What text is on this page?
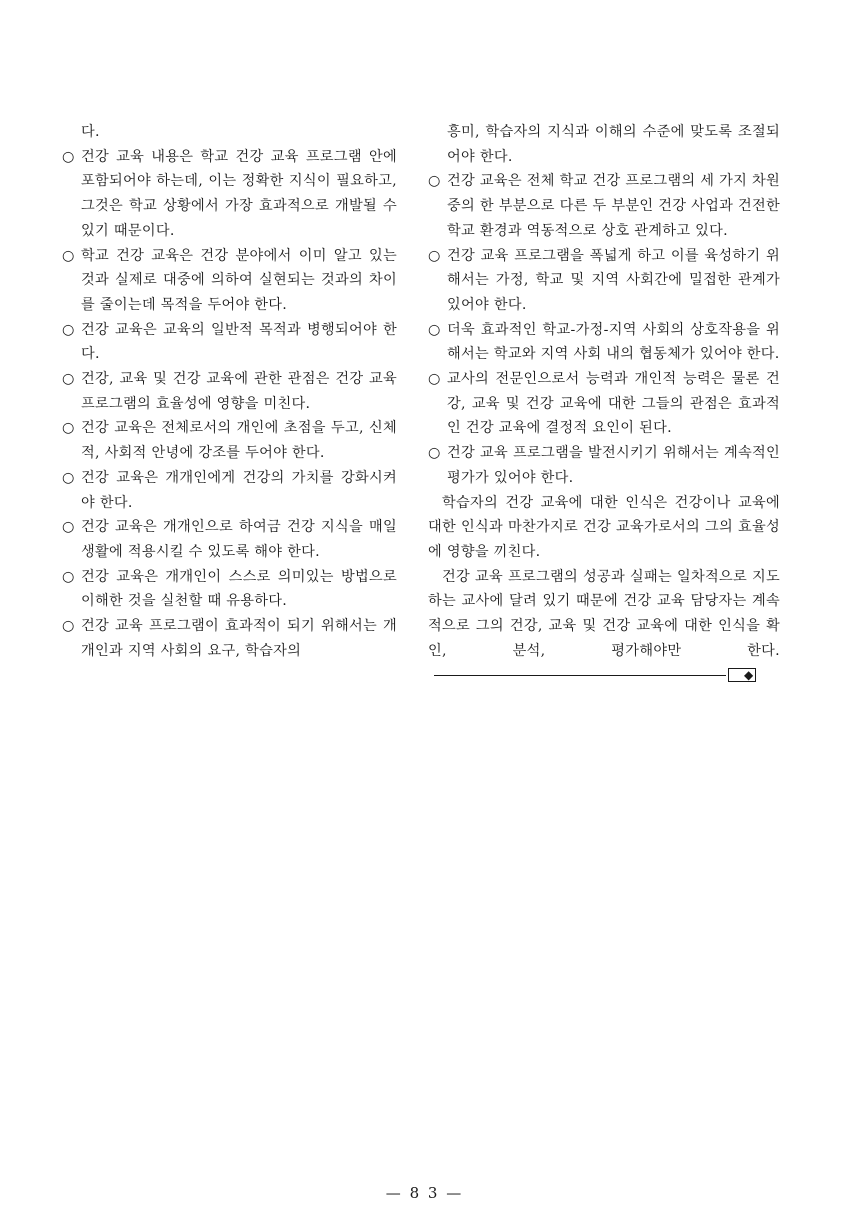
다.

○ 건강 교육 내용은 학교 건강 교육 프로그램 안에 포함되어야 하는데, 이는 정확한 지식이 필요하고, 그것은 학교 상황에서 가장 효과적으로 개발될 수 있기 때문이다.
○ 학교 건강 교육은 건강 분야에서 이미 알고 있는 것과 실제로 대중에 의하여 실현되는 것과의 차이를 줄이는데 목적을 두어야 한다.
○ 건강 교육은 교육의 일반적 목적과 병행되어야 한다.
○ 건강, 교육 및 건강 교육에 관한 관점은 건강 교육 프로그램의 효율성에 영향을 미친다.
○ 건강 교육은 전체로서의 개인에 초점을 두고, 신체적, 사회적 안녕에 강조를 두어야 한다.
○ 건강 교육은 개개인에게 건강의 가치를 강화시켜야 한다.
○ 건강 교육은 개개인으로 하여금 건강 지식을 매일 생활에 적용시킬 수 있도록 해야 한다.
○ 건강 교육은 개개인이 스스로 의미있는 방법으로 이해한 것을 실천할 때 유용하다.
○ 건강 교육 프로그램이 효과적이 되기 위해서는 개개인과 지역 사회의 요구, 학습자의

흥미, 학습자의 지식과 이해의 수준에 맞도록 조절되어야 한다.

○ 건강 교육은 전체 학교 건강 프로그램의 세 가지 차원 중의 한 부분으로 다른 두 부분인 건강 사업과 건전한 학교 환경과 역동적으로 상호 관계하고 있다.
○ 건강 교육 프로그램을 폭넓게 하고 이를 육성하기 위해서는 가정, 학교 및 지역 사회간에 밀접한 관계가 있어야 한다.
○ 더욱 효과적인 학교-가정-지역 사회의 상호작용을 위해서는 학교와 지역 사회 내의 협동체가 있어야 한다.
○ 교사의 전문인으로서 능력과 개인적 능력은 물론 건강, 교육 및 건강 교육에 대한 그들의 관점은 효과적인 건강 교육에 결정적 요인이 된다.
○ 건강 교육 프로그램을 발전시키기 위해서는 계속적인 평가가 있어야 한다.

학습자의 건강 교육에 대한 인식은 건강이나 교육에 대한 인식과 마찬가지로 건강 교육가로서의 그의 효율성에 영향을 끼친다.

건강 교육 프로그램의 성공과 실패는 일차적으로 지도하는 교사에 달려 있기 때문에 건강 교육 담당자는 계속적으로 그의 건강, 교육 및 건강 교육에 대한 인식을 확인, 분석, 평가해야만 한다.◆

— 8 3 —
